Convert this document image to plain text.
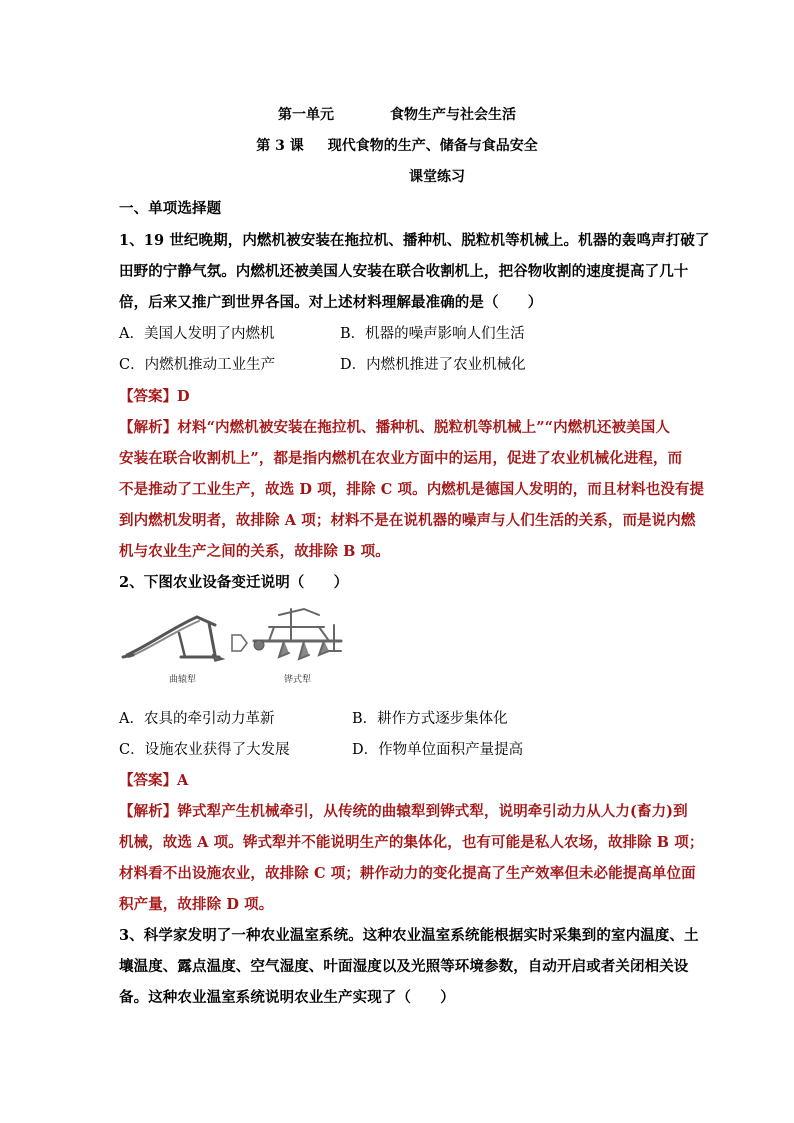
第一单元	食物生产与社会生活
第 3 课 现代食物的生产、储备与食品安全
课堂练习
一、单项选择题
1、19 世纪晚期，内燃机被安装在拖拉机、播种机、脱粒机等机械上。机器的轰鸣声打破了
田野的宁静气氛。内燃机还被美国人安装在联合收割机上，把谷物收割的速度提高了几十
倍，后来又推广到世界各国。对上述材料理解最准确的是（　　）
A．美国人发明了内燃机	B．机器的噪声影响人们生活
C．内燃机推动工业生产	D．内燃机推进了农业机械化
【答案】D
【解析】材料“内燃机被安装在拖拉机、播种机、脱粒机等机械上”“内燃机还被美国人
安装在联合收割机上”，都是指内燃机在农业方面中的运用，促进了农业机械化进程，而
不是推动了工业生产，故选 D 项，排除 C 项。内燃机是德国人发明的，而且材料也没有提
到内燃机发明者，故排除 A 项；材料不是在说机器的噪声与人们生活的关系，而是说内燃
机与农业生产之间的关系，故排除 B 项。
2、下图农业设备变迁说明（　　）
曲辕犁	铧式犁
A．农具的牵引动力革新	B．耕作方式逐步集体化
C．设施农业获得了大发展	D．作物单位面积产量提高
【答案】A
【解析】铧式犁产生机械牵引，从传统的曲辕犁到铧式犁，说明牵引动力从人力(畜力)到
机械，故选 A 项。铧式犁并不能说明生产的集体化，也有可能是私人农场，故排除 B 项；
材料看不出设施农业，故排除 C 项；耕作动力的变化提高了生产效率但未必能提高单位面
积产量，故排除 D 项。
3、科学家发明了一种农业温室系统。这种农业温室系统能根据实时采集到的室内温度、土
壤温度、露点温度、空气湿度、叶面湿度以及光照等环境参数，自动开启或者关闭相关设
备。这种农业温室系统说明农业生产实现了（　　）
